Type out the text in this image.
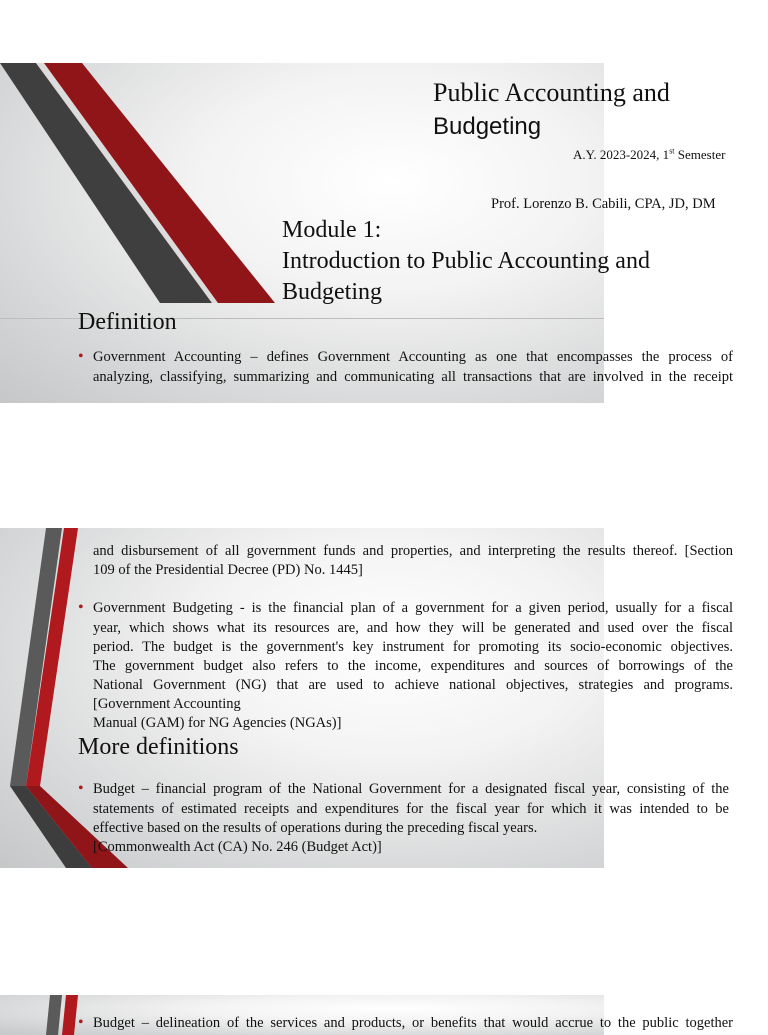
Public Accounting and
Budgeting
A.Y. 2023-2024, 1st Semester
Prof. Lorenzo B. Cabili, CPA, JD, DM
Module 1:
Introduction to Public Accounting and
Budgeting
Definition
• Government Accounting – defines Government Accounting as one that encompasses the process of
analyzing, classifying, summarizing and communicating all transactions that are involved in the receipt
and disbursement of all government funds and properties, and interpreting the results thereof. [Section
109 of the Presidential Decree (PD) No. 1445]
• Government Budgeting - is the financial plan of a government for a given period, usually for a fiscal
year, which shows what its resources are, and how they will be generated and used over the fiscal
period. The budget is the government's key instrument for promoting its socio-economic objectives.
The government budget also refers to the income, expenditures and sources of borrowings of the
National Government (NG) that are used to achieve national objectives, strategies and programs.
[Government Accounting
Manual (GAM) for NG Agencies (NGAs)]
More definitions
• Budget – financial program of the National Government for a designated fiscal year, consisting of the
statements of estimated receipts and expenditures for the fiscal year for which it was intended to be
effective based on the results of operations during the preceding fiscal years.
[Commonwealth Act (CA) No. 246 (Budget Act)]
• Budget – delineation of the services and products, or benefits that would accrue to the public together
